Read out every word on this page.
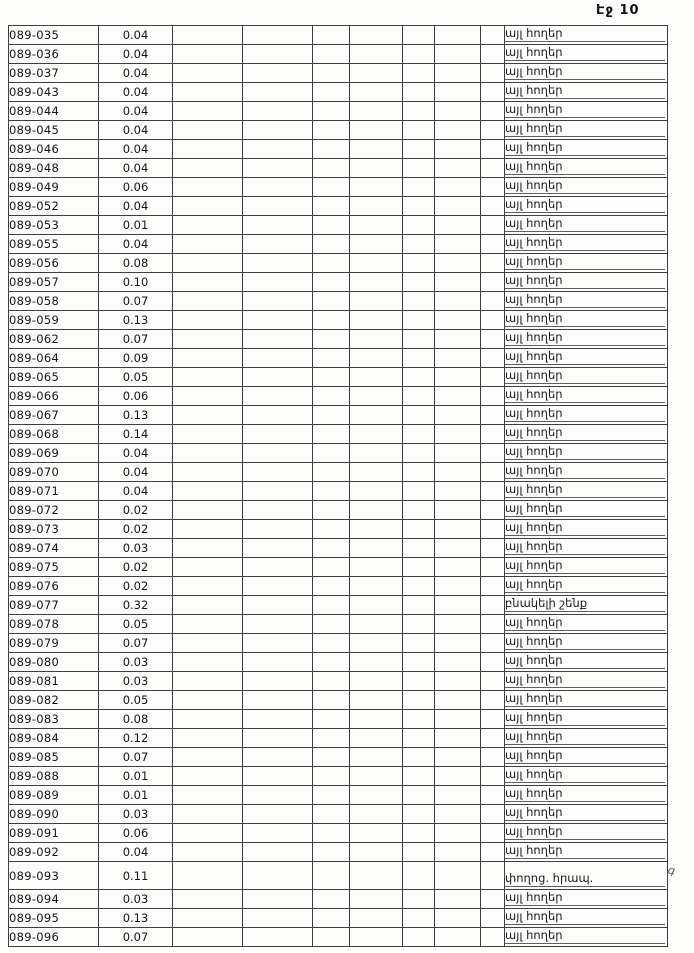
Էջ 10
089-035	0.04								այլ հողեր

089-036	0.04								այլ հողեր

089-037	0.04								այլ հողեր

089-043	0.04								այլ հողեր

089-044	0.04								այլ հողեր

089-045	0.04								այլ հողեր

089-046	0.04								այլ հողեր

089-048	0.04								այլ հողեր

089-049	0.06								այլ հողեր

089-052	0.04								այլ հողեր

089-053	0.01								այլ հողեր

089-055	0.04								այլ հողեր

089-056	0.08								այլ հողեր

089-057	0.10								այլ հողեր

089-058	0.07								այլ հողեր

089-059	0.13								այլ հողեր

089-062	0.07								այլ հողեր

089-064	0.09								այլ հողեր

089-065	0.05								այլ հողեր

089-066	0.06								այլ հողեր

089-067	0.13								այլ հողեր

089-068	0.14								այլ հողեր

089-069	0.04								այլ հողեր

089-070	0.04								այլ հողեր

089-071	0.04								այլ հողեր

089-072	0.02								այլ հողեր

089-073	0.02								այլ հողեր

089-074	0.03								այլ հողեր

089-075	0.02								այլ հողեր

089-076	0.02								այլ հողեր

089-077	0.32								բնակելի շենք

089-078	0.05								այլ հողեր

089-079	0.07								այլ հողեր

089-080	0.03								այլ հողեր

089-081	0.03								այլ հողեր

089-082	0.05								այլ հողեր

089-083	0.08								այլ հողեր

089-084	0.12								այլ հողեր

089-085	0.07								այլ հողեր

089-088	0.01								այլ հողեր

089-089	0.01								այլ հողեր

089-090	0.03								այլ հողեր

089-091	0.06								այլ հողեր

089-092	0.04								այլ հողեր

089-093	0.11								փողոց. հրապ.

089-094	0.03								այլ հողեր

089-095	0.13								այլ հողեր

089-096	0.07								այլ հողեր
գ
